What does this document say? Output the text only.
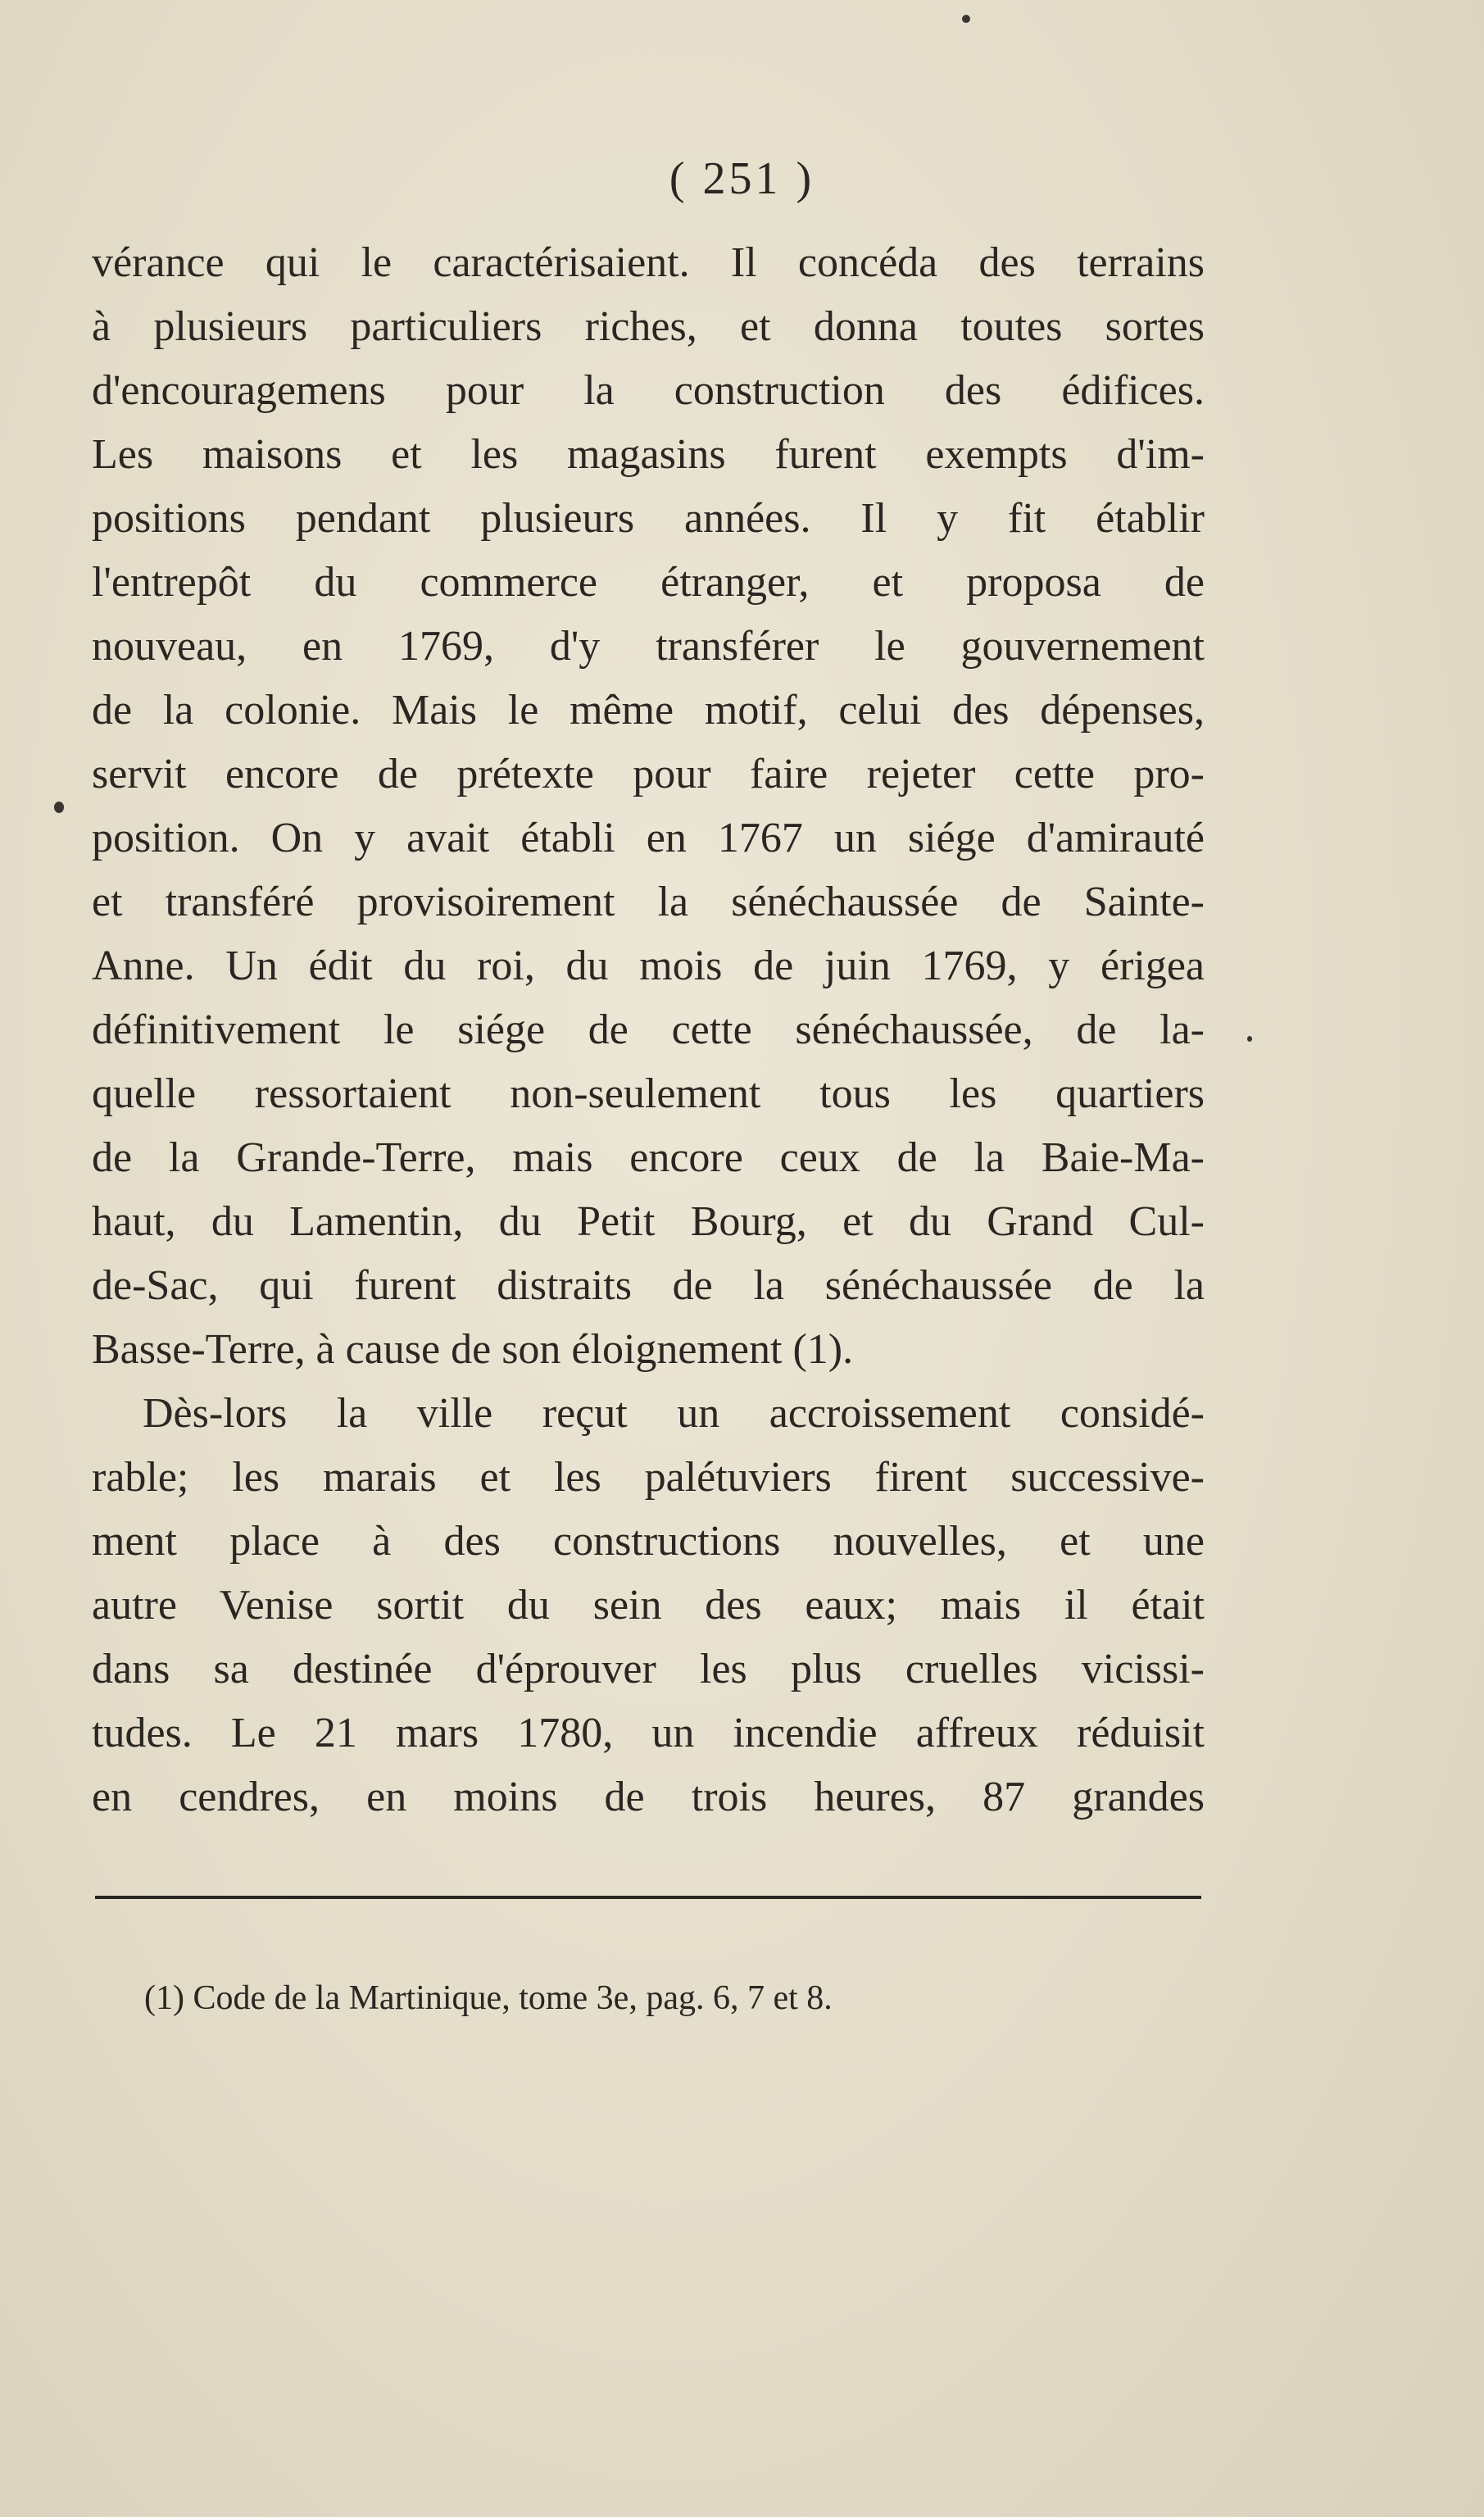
( 251 )
vérance qui le caractérisaient. Il concéda des terrains
à plusieurs particuliers riches, et donna toutes sortes
d'encouragemens pour la construction des édifices.
Les maisons et les magasins furent exempts d'im-
positions pendant plusieurs années. Il y fit établir
l'entrepôt du commerce étranger, et proposa de
nouveau, en 1769, d'y transférer le gouvernement
de la colonie. Mais le même motif, celui des dépenses,
servit encore de prétexte pour faire rejeter cette pro-
position. On y avait établi en 1767 un siége d'amirauté
et transféré provisoirement la sénéchaussée de Sainte-
Anne. Un édit du roi, du mois de juin 1769, y érigea
définitivement le siége de cette sénéchaussée, de la-
quelle ressortaient non-seulement tous les quartiers
de la Grande-Terre, mais encore ceux de la Baie-Ma-
haut, du Lamentin, du Petit Bourg, et du Grand Cul-
de-Sac, qui furent distraits de la sénéchaussée de la
Basse-Terre, à cause de son éloignement (1).
Dès-lors la ville reçut un accroissement considé-
rable; les marais et les palétuviers firent successive-
ment place à des constructions nouvelles, et une
autre Venise sortit du sein des eaux; mais il était
dans sa destinée d'éprouver les plus cruelles vicissi-
tudes. Le 21 mars 1780, un incendie affreux réduisit
en cendres, en moins de trois heures, 87 grandes
(1) Code de la Martinique, tome 3e, pag. 6, 7 et 8.
